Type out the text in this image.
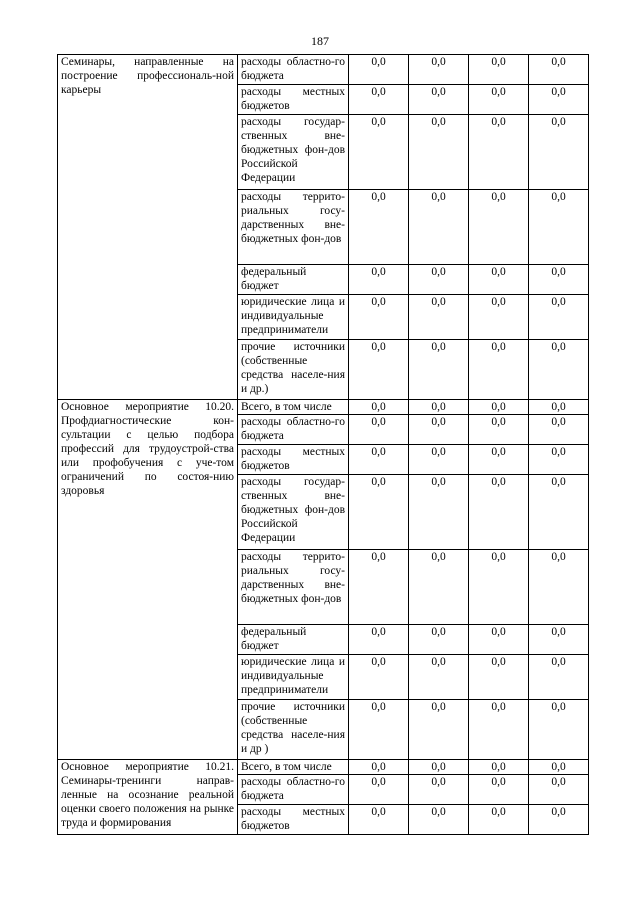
187
Семинары, направленные на построение профессиональ-ной карьеры	расходы областно-го бюджета	0,0	0,0	0,0	0,0
	расходы местных бюджетов	0,0	0,0	0,0	0,0
	расходы государ-ственных вне-бюджетных фон-дов Российской Федерации	0,0	0,0	0,0	0,0
	расходы террито-риальных госу-дарственных вне-бюджетных фон-дов	0,0	0,0	0,0	0,0
	федеральный бюджет	0,0	0,0	0,0	0,0
	юридические лица и индивидуальные предприниматели	0,0	0,0	0,0	0,0
	прочие источники (собственные средства населе-ния и др.)	0,0	0,0	0,0	0,0
Основное мероприятие 10.20. Профдиагностические кон-сультации с целью подбора профессий для трудоустрой-ства или профобучения с уче-том ограничений по состоя-нию здоровья	Всего, в том числе	0,0	0,0	0,0	0,0
	расходы областно-го бюджета	0,0	0,0	0,0	0,0
	расходы местных бюджетов	0,0	0,0	0,0	0,0
	расходы государ-ственных вне-бюджетных фон-дов Российской Федерации	0,0	0,0	0,0	0,0
	расходы террито-риальных госу-дарственных вне-бюджетных фон-дов	0,0	0,0	0,0	0,0
	федеральный бюджет	0,0	0,0	0,0	0,0
	юридические лица и индивидуальные предприниматели	0,0	0,0	0,0	0,0
	прочие источники (собственные средства населе-ния и др )	0,0	0,0	0,0	0,0
Основное мероприятие 10.21. Семинары-тренинги направ-ленные на осознание реальной оценки своего положения на рынке труда и формирования	Всего, в том числе	0,0	0,0	0,0	0,0
	расходы областно-го бюджета	0,0	0,0	0,0	0,0
	расходы местных бюджетов	0,0	0,0	0,0	0,0
